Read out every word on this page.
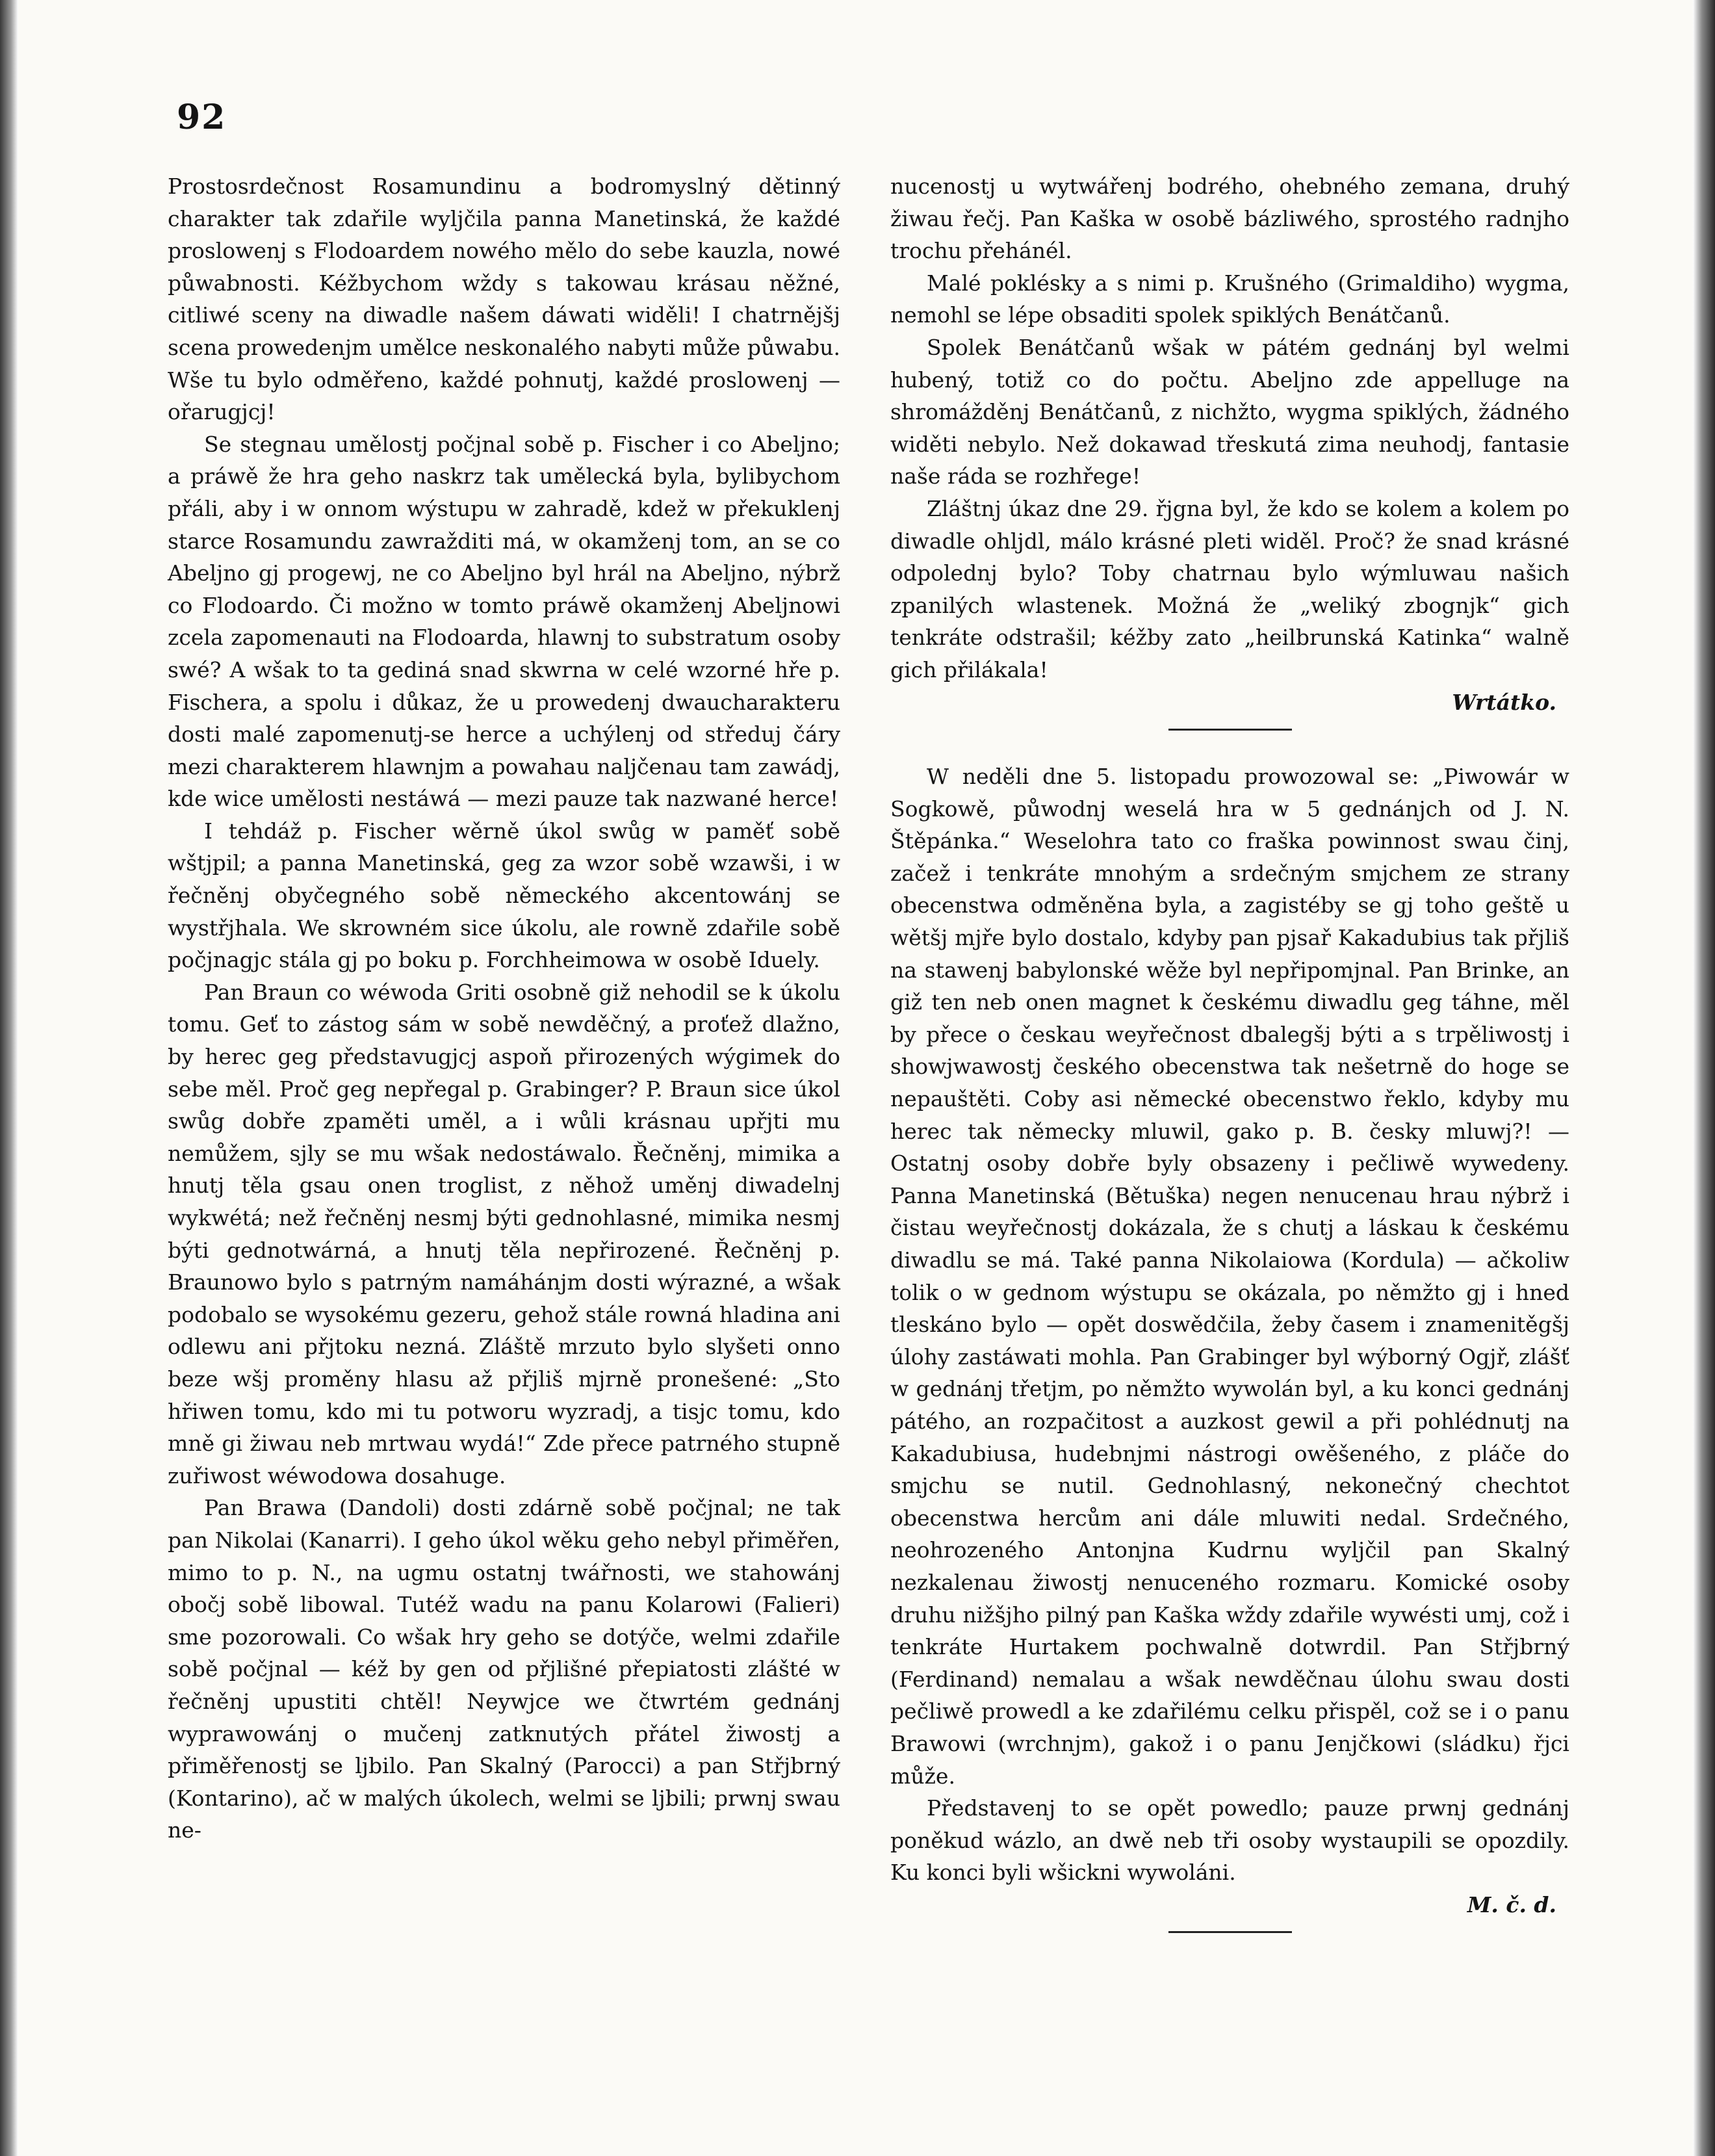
92

Prostosrdečnost Rosamundinu a bodromyslný dětinný charakter tak zdařile wyljčila panna Manetinská, že každé proslowenj s Flodoardem nowého mělo do sebe kauzla, nowé půwabnosti. Kéžbychom wždy s takowau krásau něžné, citliwé sceny na diwadle našem dáwati widěli! I chatrnějšj scena prowedenjm umělce neskonalého nabyti může půwabu. Wše tu bylo odměřeno, každé pohnutj, každé proslowenj — ořarugjcj!

Se stegnau umělostj počjnal sobě p. Fischer i co Abeljno; a práwě že hra geho naskrz tak umělecká byla, bylibychom přáli, aby i w onnom wýstupu w zahradě, kdež w překuklenj starce Rosamundu zawražditi má, w okamženj tom, an se co Abeljno gj progewj, ne co Abeljno byl hrál na Abeljno, nýbrž co Flodoardo. Či možno w tomto práwě okamženj Abeljnowi zcela zapomenauti na Flodoarda, hlawnj to substratum osoby swé? A wšak to ta gediná snad skwrna w celé wzorné hře p. Fischera, a spolu i důkaz, že u prowedenj dwaucharakteru dosti malé zapomenutj-se herce a uchýlenj od středuj čáry mezi charakterem hlawnjm a powahau naljčenau tam zawádj, kde wice umělosti nestáwá — mezi pauze tak nazwané herce!

I tehdáž p. Fischer wěrně úkol swůg w paměť sobě wštjpil; a panna Manetinská, geg za wzor sobě wzawši, i w řečněnj obyčegného sobě německého akcentowánj se wystřjhala. We skrowném sice úkolu, ale rowně zdařile sobě počjnagjc stála gj po boku p. Forchheimowa w osobě Iduely.

Pan Braun co wéwoda Griti osobně giž nehodil se k úkolu tomu. Geť to zástog sám w sobě newděčný, a proťež dlažno, by herec geg představugjcj aspoň přirozených wýgimek do sebe měl. Proč geg nepřegal p. Grabinger? P. Braun sice úkol swůg dobře zpaměti uměl, a i wůli krásnau upřjti mu nemůžem, sjly se mu wšak nedostáwalo. Řečněnj, mimika a hnutj těla gsau onen troglist, z něhož uměnj diwadelnj wykwétá; než řečněnj nesmj býti gednohlasné, mimika nesmj býti gednotwárná, a hnutj těla nepřirozené. Řečněnj p. Braunowo bylo s patrným namáhánjm dosti wýrazné, a wšak podobalo se wysokému gezeru, gehož stále rowná hladina ani odlewu ani přjtoku nezná. Zláště mrzuto bylo slyšeti onno beze wšj proměny hlasu až přjliš mjrně pronešené: „Sto hřiwen tomu, kdo mi tu potworu wyzradj, a tisjc tomu, kdo mně gi žiwau neb mrtwau wydá!“ Zde přece patrného stupně zuřiwost wéwodowa dosahuge.

Pan Brawa (Dandoli) dosti zdárně sobě počjnal; ne tak pan Nikolai (Kanarri). I geho úkol wěku geho nebyl přiměřen, mimo to p. N., na ugmu ostatnj twářnosti, we stahowánj obočj sobě libowal. Tutéž wadu na panu Kolarowi (Falieri) sme pozorowali. Co wšak hry geho se dotýče, welmi zdařile sobě počjnal — kéž by gen od přjlišné přepiatosti zlášté w řečněnj upustiti chtěl! Neywjce we čtwrtém gednánj wyprawowánj o mučenj zatknutých přátel žiwostj a přiměřenostj se ljbilo. Pan Skalný (Parocci) a pan Střjbrný (Kontarino), ač w malých úkolech, welmi se ljbili; prwnj swau ne-

nucenostj u wytwářenj bodrého, ohebného zemana, druhý žiwau řečj. Pan Kaška w osobě bázliwého, sprostého radnjho trochu přehánél.

Malé poklésky a s nimi p. Krušného (Grimaldiho) wygma, nemohl se lépe obsaditi spolek spiklých Benátčanů.

Spolek Benátčanů wšak w pátém gednánj byl welmi hubený, totiž co do počtu. Abeljno zde appelluge na shromážděnj Benátčanů, z nichžto, wygma spiklých, žádného widěti nebylo. Než dokawad třeskutá zima neuhodj, fantasie naše ráda se rozhřege!

Zláštnj úkaz dne 29. řjgna byl, že kdo se kolem a kolem po diwadle ohljdl, málo krásné pleti widěl. Proč? že snad krásné odpolednj bylo? Toby chatrnau bylo wýmluwau našich zpanilých wlastenek. Možná že „weliký zbognjk“ gich tenkráte odstrašil; kéžby zato „heilbrunská Katinka“ walně gich přilákala!

Wrtátko.

W neděli dne 5. listopadu prowozowal se: „Piwowár w Sogkowě, půwodnj weselá hra w 5 gednánjch od J. N. Štěpánka.“ Weselohra tato co fraška powinnost swau činj, začež i tenkráte mnohým a srdečným smjchem ze strany obecenstwa odměněna byla, a zagistéby se gj toho geště u wětšj mjře bylo dostalo, kdyby pan pjsař Kakadubius tak přjliš na stawenj babylonské wěže byl nepřipomjnal. Pan Brinke, an giž ten neb onen magnet k českému diwadlu geg táhne, měl by přece o českau weyřečnost dbalegšj býti a s trpěliwostj i showjwawostj českého obecenstwa tak nešetrně do hoge se nepauštěti. Coby asi německé obecenstwo řeklo, kdyby mu herec tak německy mluwil, gako p. B. česky mluwj?! — Ostatnj osoby dobře byly obsazeny i pečliwě wywedeny. Panna Manetinská (Bětuška) negen nenucenau hrau nýbrž i čistau weyřečnostj dokázala, že s chutj a láskau k českému diwadlu se má. Také panna Nikolaiowa (Kordula) — ačkoliw tolik o w gednom wýstupu se okázala, po němžto gj i hned tleskáno bylo — opět doswědčila, žeby časem i znamenitěgšj úlohy zastáwati mohla. Pan Grabinger byl wýborný Ogjř, zlášť w gednánj třetjm, po němžto wywolán byl, a ku konci gednánj pátého, an rozpačitost a auzkost gewil a při pohlédnutj na Kakadubiusa, hudebnjmi nástrogi owěšeného, z pláče do smjchu se nutil. Gednohlasný, nekonečný chechtot obecenstwa hercům ani dále mluwiti nedal. Srdečného, neohrozeného Antonjna Kudrnu wyljčil pan Skalný nezkalenau žiwostj nenuceného rozmaru. Komické osoby druhu nižšjho pilný pan Kaška wždy zdařile wywésti umj, což i tenkráte Hurtakem pochwalně dotwrdil. Pan Střjbrný (Ferdinand) nemalau a wšak newděčnau úlohu swau dosti pečliwě prowedl a ke zdařilému celku přispěl, což se i o panu Brawowi (wrchnjm), gakož i o panu Jenjčkowi (sládku) řjci může.

Představenj to se opět powedlo; pauze prwnj gednánj poněkud wázlo, an dwě neb tři osoby wystaupili se opozdily. Ku konci byli wšickni wywoláni.

M. č. d.
